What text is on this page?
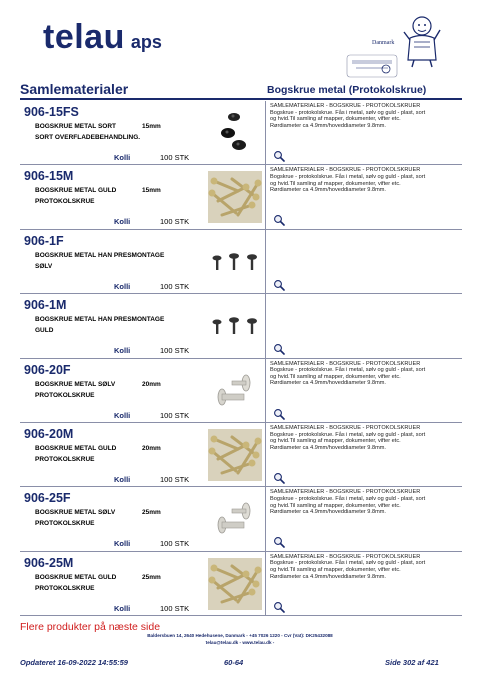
telau aps	Danmark
Samlematerialer	Bogskrue metal (Protokolskrue)
906-15FS
BOGSKRUE METAL SORT	15mm
SORT OVERFLADEBEHANDLING.
Kolli	100 STK
SAMLEMATERIALER - BOGSKRUE - PROTOKOLSKRUER
Bogskrue - protokolskrue. Fås i metal, sølv og guld - plast, sort
og hvid.Til samling af mapper, dokumenter, vifter etc.
Rørdiameter ca 4.9mm/hoveddiameter 9.8mm.
906-15M
BOGSKRUE METAL GULD	15mm
PROTOKOLSKRUE
Kolli	100 STK
SAMLEMATERIALER - BOGSKRUE - PROTOKOLSKRUER
Bogskrue - protokolskrue. Fås i metal, sølv og guld - plast, sort
og hvid.Til samling af mapper, dokumenter, vifter etc.
Rørdiameter ca 4.9mm/hoveddiameter 9.8mm.
906-1F
BOGSKRUE METAL HAN PRESMONTAGE
SØLV
Kolli	100 STK
906-1M
BOGSKRUE METAL HAN PRESMONTAGE
GULD
Kolli	100 STK
906-20F
BOGSKRUE METAL SØLV	20mm
PROTOKOLSKRUE
Kolli	100 STK
SAMLEMATERIALER - BOGSKRUE - PROTOKOLSKRUER
Bogskrue - protokolskrue. Fås i metal, sølv og guld - plast, sort
og hvid.Til samling af mapper, dokumenter, vifter etc.
Rørdiameter ca 4.9mm/hoveddiameter 9.8mm.
906-20M
BOGSKRUE METAL GULD	20mm
PROTOKOLSKRUE
Kolli	100 STK
SAMLEMATERIALER - BOGSKRUE - PROTOKOLSKRUER
Bogskrue - protokolskrue. Fås i metal, sølv og guld - plast, sort
og hvid.Til samling af mapper, dokumenter, vifter etc.
Rørdiameter ca 4.9mm/hoveddiameter 9.8mm.
906-25F
BOGSKRUE METAL SØLV	25mm
PROTOKOLSKRUE
Kolli	100 STK
SAMLEMATERIALER - BOGSKRUE - PROTOKOLSKRUER
Bogskrue - protokolskrue. Fås i metal, sølv og guld - plast, sort
og hvid.Til samling af mapper, dokumenter, vifter etc.
Rørdiameter ca 4.9mm/hoveddiameter 9.8mm.
906-25M
BOGSKRUE METAL GULD	25mm
PROTOKOLSKRUE
Kolli	100 STK
SAMLEMATERIALER - BOGSKRUE - PROTOKOLSKRUER
Bogskrue - protokolskrue. Fås i metal, sølv og guld - plast, sort
og hvid.Til samling af mapper, dokumenter, vifter etc.
Rørdiameter ca 4.9mm/hoveddiameter 9.8mm.
Flere produkter på næste side
Baldersbuen 14, 2640 Hedehusene, Danmark - +45 7026 1220 - Cvr (Vat): DK25432088
telau@telau.dk - www.telau.dk -
Opdateret 16-09-2022 14:55:59	60-64	Side 302 af 421
